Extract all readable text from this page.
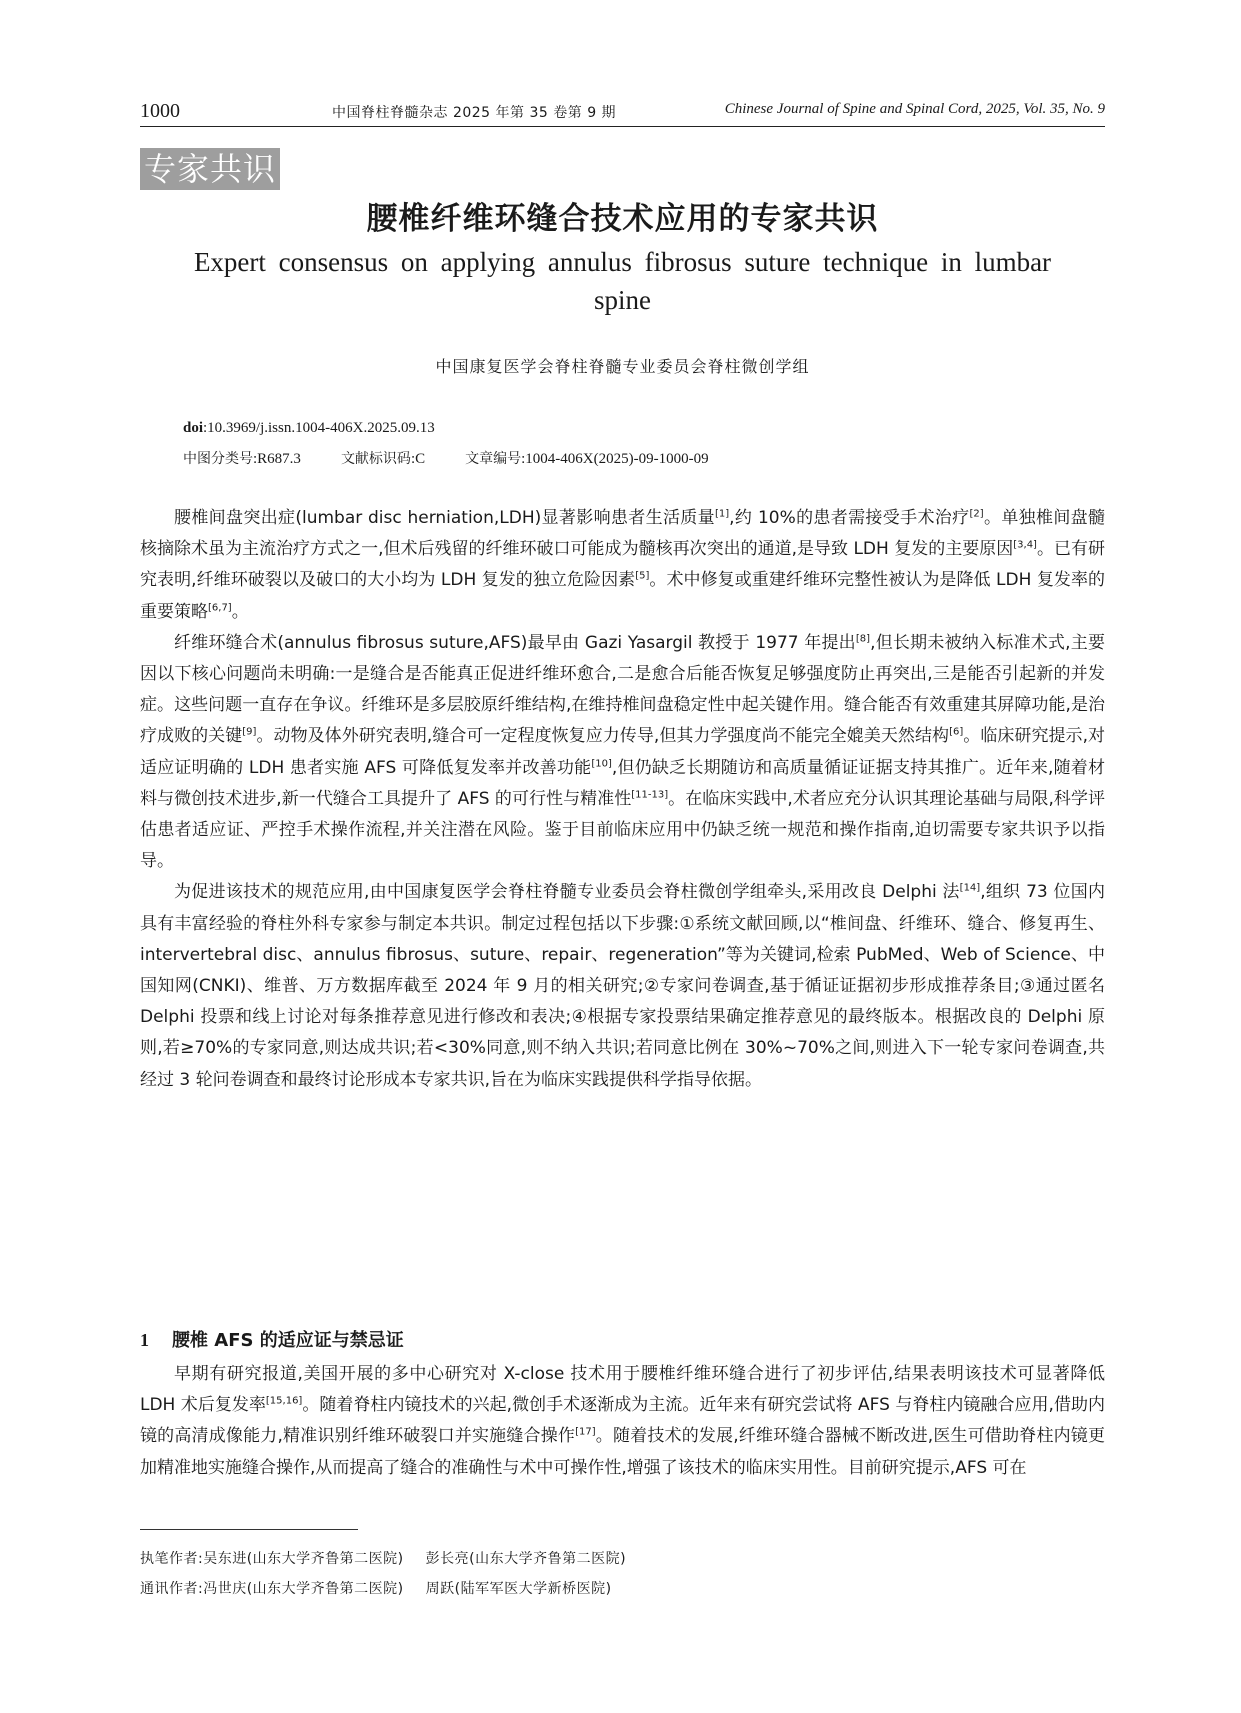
1000	中国脊柱脊髓杂志 2025 年第 35 卷第 9 期	Chinese Journal of Spine and Spinal Cord, 2025, Vol. 35, No. 9
专家共识
腰椎纤维环缝合技术应用的专家共识
Expert consensus on applying annulus fibrosus suture technique in lumbar spine
中国康复医学会脊柱脊髓专业委员会脊柱微创学组
doi:10.3969/j.issn.1004-406X.2025.09.13
中图分类号:R687.3	文献标识码:C	文章编号:1004-406X(2025)-09-1000-09

腰椎间盘突出症(lumbar disc herniation,LDH)显著影响患者生活质量[1],约 10%的患者需接受手术治疗[2]。单独椎间盘髓核摘除术虽为主流治疗方式之一,但术后残留的纤维环破口可能成为髓核再次突出的通道,是导致 LDH 复发的主要原因[3,4]。已有研究表明,纤维环破裂以及破口的大小均为 LDH 复发的独立危险因素[5]。术中修复或重建纤维环完整性被认为是降低 LDH 复发率的重要策略[6,7]。

纤维环缝合术(annulus fibrosus suture,AFS)最早由 Gazi Yasargil 教授于 1977 年提出[8],但长期未被纳入标准术式,主要因以下核心问题尚未明确:一是缝合是否能真正促进纤维环愈合,二是愈合后能否恢复足够强度防止再突出,三是能否引起新的并发症。这些问题一直存在争议。纤维环是多层胶原纤维结构,在维持椎间盘稳定性中起关键作用。缝合能否有效重建其屏障功能,是治疗成败的关键[9]。动物及体外研究表明,缝合可一定程度恢复应力传导,但其力学强度尚不能完全媲美天然结构[6]。临床研究提示,对适应证明确的 LDH 患者实施 AFS 可降低复发率并改善功能[10],但仍缺乏长期随访和高质量循证证据支持其推广。近年来,随着材料与微创技术进步,新一代缝合工具提升了 AFS 的可行性与精准性[11-13]。在临床实践中,术者应充分认识其理论基础与局限,科学评估患者适应证、严控手术操作流程,并关注潜在风险。鉴于目前临床应用中仍缺乏统一规范和操作指南,迫切需要专家共识予以指导。

为促进该技术的规范应用,由中国康复医学会脊柱脊髓专业委员会脊柱微创学组牵头,采用改良 Delphi 法[14],组织 73 位国内具有丰富经验的脊柱外科专家参与制定本共识。制定过程包括以下步骤:①系统文献回顾,以“椎间盘、纤维环、缝合、修复再生、intervertebral disc、annulus fibrosus、suture、repair、regeneration”等为关键词,检索 PubMed、Web of Science、中国知网(CNKI)、维普、万方数据库截至 2024 年 9 月的相关研究;②专家问卷调查,基于循证证据初步形成推荐条目;③通过匿名 Delphi 投票和线上讨论对每条推荐意见进行修改和表决;④根据专家投票结果确定推荐意见的最终版本。根据改良的 Delphi 原则,若≥70%的专家同意,则达成共识;若<30%同意,则不纳入共识;若同意比例在 30%~70%之间,则进入下一轮专家问卷调查,共经过 3 轮问卷调查和最终讨论形成本专家共识,旨在为临床实践提供科学指导依据。

1 腰椎 AFS 的适应证与禁忌证

早期有研究报道,美国开展的多中心研究对 X-close 技术用于腰椎纤维环缝合进行了初步评估,结果表明该技术可显著降低 LDH 术后复发率[15,16]。随着脊柱内镜技术的兴起,微创手术逐渐成为主流。近年来有研究尝试将 AFS 与脊柱内镜融合应用,借助内镜的高清成像能力,精准识别纤维环破裂口并实施缝合操作[17]。随着技术的发展,纤维环缝合器械不断改进,医生可借助脊柱内镜更加精准地实施缝合操作,从而提高了缝合的准确性与术中可操作性,增强了该技术的临床实用性。目前研究提示,AFS 可在

执笔作者:吴东进(山东大学齐鲁第二医院) 彭长亮(山东大学齐鲁第二医院)
通讯作者:冯世庆(山东大学齐鲁第二医院) 周跃(陆军军医大学新桥医院)
